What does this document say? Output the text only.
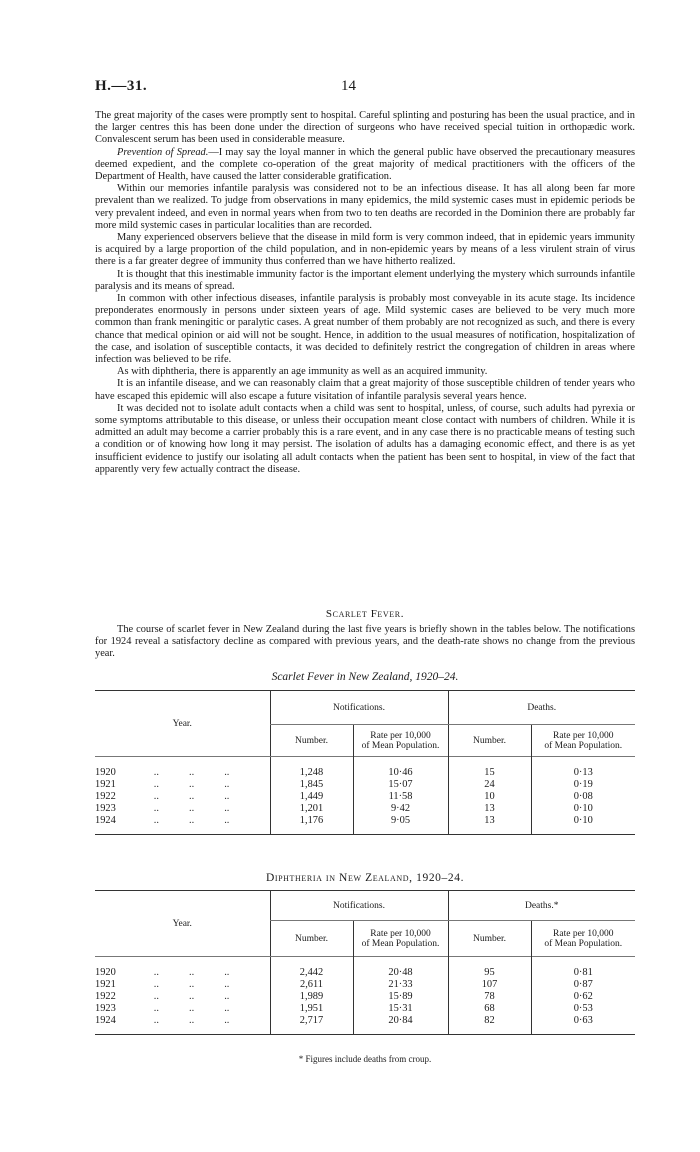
H.—31.	14

The great majority of the cases were promptly sent to hospital. Careful splinting and posturing has been the usual practice, and in the larger centres this has been done under the direction of surgeons who have received special tuition in orthopædic work. Convalescent serum has been used in considerable measure.

Prevention of Spread.—I may say the loyal manner in which the general public have observed the precautionary measures deemed expedient, and the complete co-operation of the great majority of medical practitioners with the officers of the Department of Health, have caused the latter considerable gratification.

Within our memories infantile paralysis was considered not to be an infectious disease. It has all along been far more prevalent than we realized. To judge from observations in many epidemics, the mild systemic cases must in epidemic periods be very prevalent indeed, and even in normal years when from two to ten deaths are recorded in the Dominion there are probably far more mild systemic cases in particular localities than are recorded.

Many experienced observers believe that the disease in mild form is very common indeed, that in epidemic years immunity is acquired by a large proportion of the child population, and in non-epidemic years by means of a less virulent strain of virus there is a far greater degree of immunity thus conferred than we have hitherto realized.

It is thought that this inestimable immunity factor is the important element underlying the mystery which surrounds infantile paralysis and its means of spread.

In common with other infectious diseases, infantile paralysis is probably most conveyable in its acute stage. Its incidence preponderates enormously in persons under sixteen years of age. Mild systemic cases are believed to be very much more common than frank meningitic or paralytic cases. A great number of them probably are not recognized as such, and there is every chance that medical opinion or aid will not be sought. Hence, in addition to the usual measures of notification, hospitalization of the case, and isolation of susceptible contacts, it was decided to definitely restrict the congregation of children in areas where infection was believed to be rife.

As with diphtheria, there is apparently an age immunity as well as an acquired immunity.

It is an infantile disease, and we can reasonably claim that a great majority of those susceptible children of tender years who have escaped this epidemic will also escape a future visitation of infantile paralysis several years hence.

It was decided not to isolate adult contacts when a child was sent to hospital, unless, of course, such adults had pyrexia or some symptoms attributable to this disease, or unless their occupation meant close contact with numbers of children. While it is admitted an adult may become a carrier probably this is a rare event, and in any case there is no practicable means of testing such a condition or of knowing how long it may persist. The isolation of adults has a damaging economic effect, and there is as yet insufficient evidence to justify our isolating all adult contacts when the patient has been sent to hospital, in view of the fact that apparently very few actually contract the disease.

Scarlet Fever.

The course of scarlet fever in New Zealand during the last five years is briefly shown in the tables below. The notifications for 1924 reveal a satisfactory decline as compared with previous years, and the death-rate shows no change from the previous year.

Scarlet Fever in New Zealand, 1920–24.
Year.	Notifications.		Deaths.	
	Number.	Rate per 10,000
of Mean Population.	Number.	Rate per 10,000
of Mean Population.

1920 .. .. ..	1,248	10·46	15	0·13
1921 .. .. ..	1,845	15·07	24	0·19
1922 .. .. ..	1,449	11·58	10	0·08
1923 .. .. ..	1,201	9·42	13	0·10
1924 .. .. ..	1,176	9·05	13	0·10

Diphtheria in New Zealand, 1920–24.
Year.	Notifications.		Deaths.*	
	Number.	Rate per 10,000
of Mean Population.	Number.	Rate per 10,000
of Mean Population.

1920 .. .. ..	2,442	20·48	95	0·81
1921 .. .. ..	2,611	21·33	107	0·87
1922 .. .. ..	1,989	15·89	78	0·62
1923 .. .. ..	1,951	15·31	68	0·53
1924 .. .. ..	2,717	20·84	82	0·63

* Figures include deaths from croup.
